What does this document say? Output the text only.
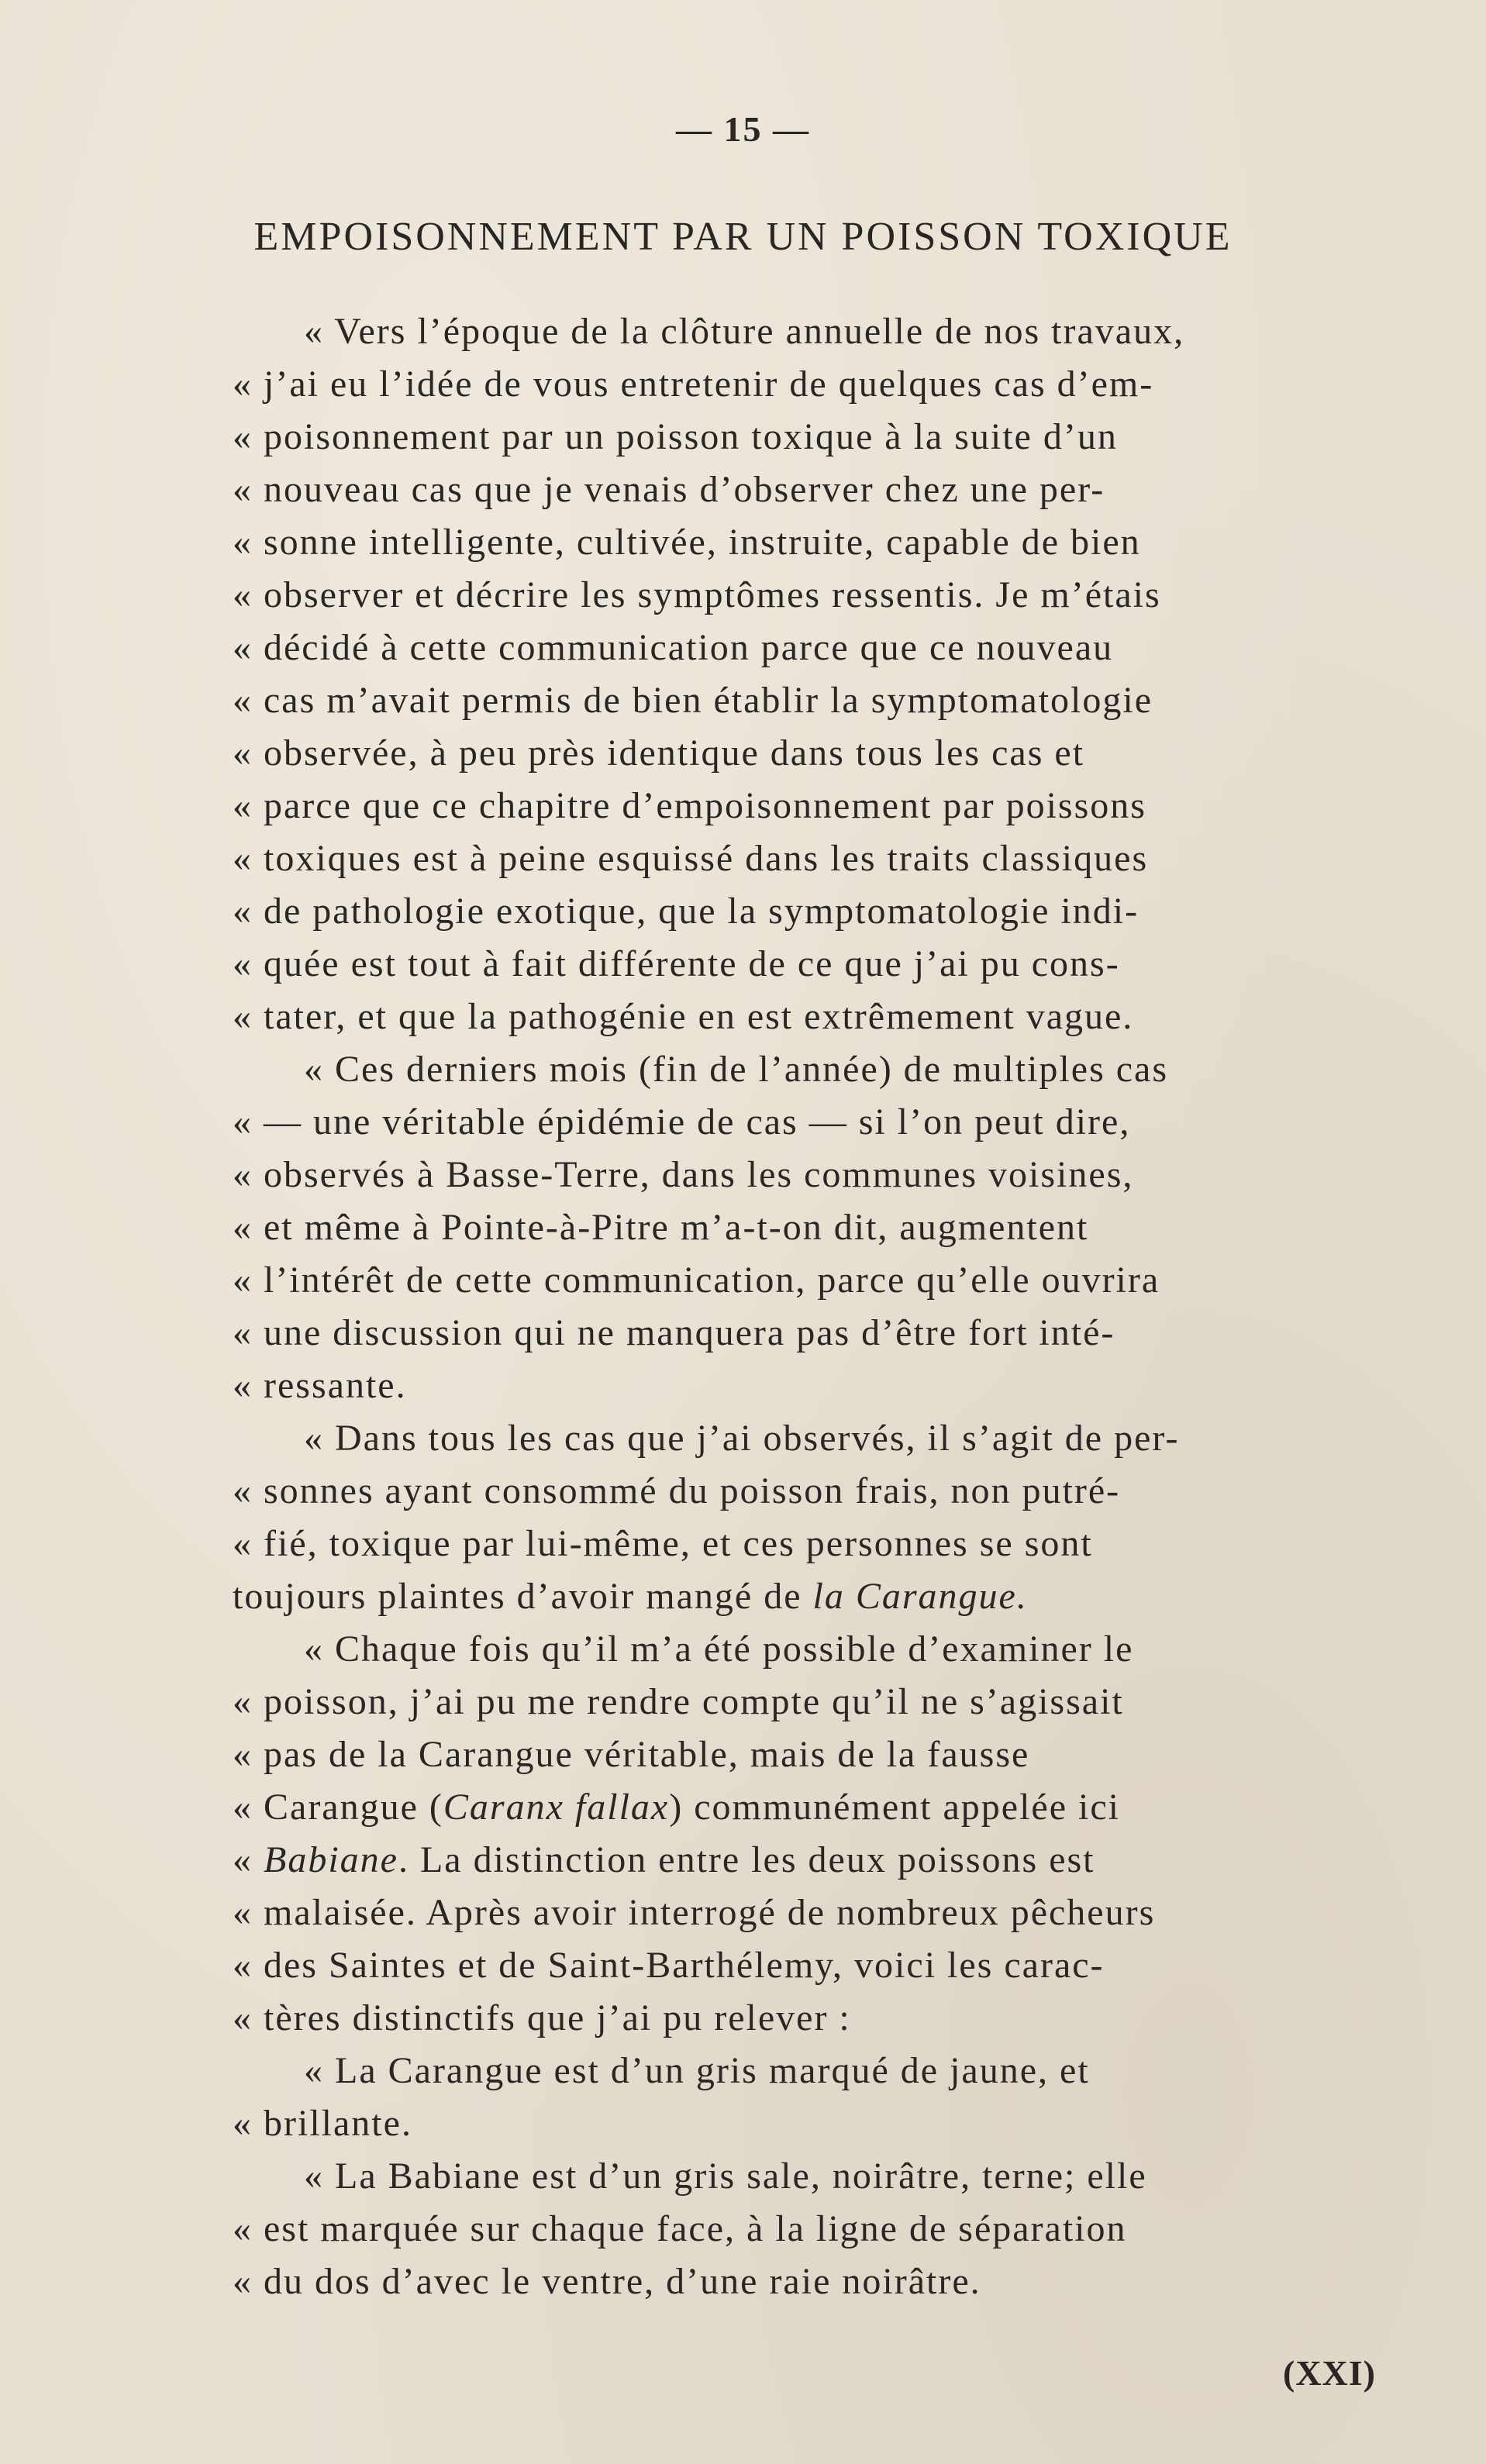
— 15 —
EMPOISONNEMENT PAR UN POISSON TOXIQUE
« Vers l’époque de la clôture annuelle de nos travaux,
« j’ai eu l’idée de vous entretenir de quelques cas d’em-
« poisonnement par un poisson toxique à la suite d’un
« nouveau cas que je venais d’observer chez une per-
« sonne intelligente, cultivée, instruite, capable de bien
« observer et décrire les symptômes ressentis. Je m’étais
« décidé à cette communication parce que ce nouveau
« cas m’avait permis de bien établir la symptomatologie
« observée, à peu près identique dans tous les cas et
« parce que ce chapitre d’empoisonnement par poissons
« toxiques est à peine esquissé dans les traits classiques
« de pathologie exotique, que la symptomatologie indi-
« quée est tout à fait différente de ce que j’ai pu cons-
« tater, et que la pathogénie en est extrêmement vague.
« Ces derniers mois (fin de l’année) de multiples cas
« — une véritable épidémie de cas — si l’on peut dire,
« observés à Basse-Terre, dans les communes voisines,
« et même à Pointe-à-Pitre m’a-t-on dit, augmentent
« l’intérêt de cette communication, parce qu’elle ouvrira
« une discussion qui ne manquera pas d’être fort inté-
« ressante.
« Dans tous les cas que j’ai observés, il s’agit de per-
« sonnes ayant consommé du poisson frais, non putré-
« fié, toxique par lui-même, et ces personnes se sont
toujours plaintes d’avoir mangé de la Carangue.
« Chaque fois qu’il m’a été possible d’examiner le
« poisson, j’ai pu me rendre compte qu’il ne s’agissait
« pas de la Carangue véritable, mais de la fausse
« Carangue (Caranx fallax) communément appelée ici
« Babiane. La distinction entre les deux poissons est
« malaisée. Après avoir interrogé de nombreux pêcheurs
« des Saintes et de Saint-Barthélemy, voici les carac-
« tères distinctifs que j’ai pu relever :
« La Carangue est d’un gris marqué de jaune, et
« brillante.
« La Babiane est d’un gris sale, noirâtre, terne; elle
« est marquée sur chaque face, à la ligne de séparation
« du dos d’avec le ventre, d’une raie noirâtre.
(XXI)
